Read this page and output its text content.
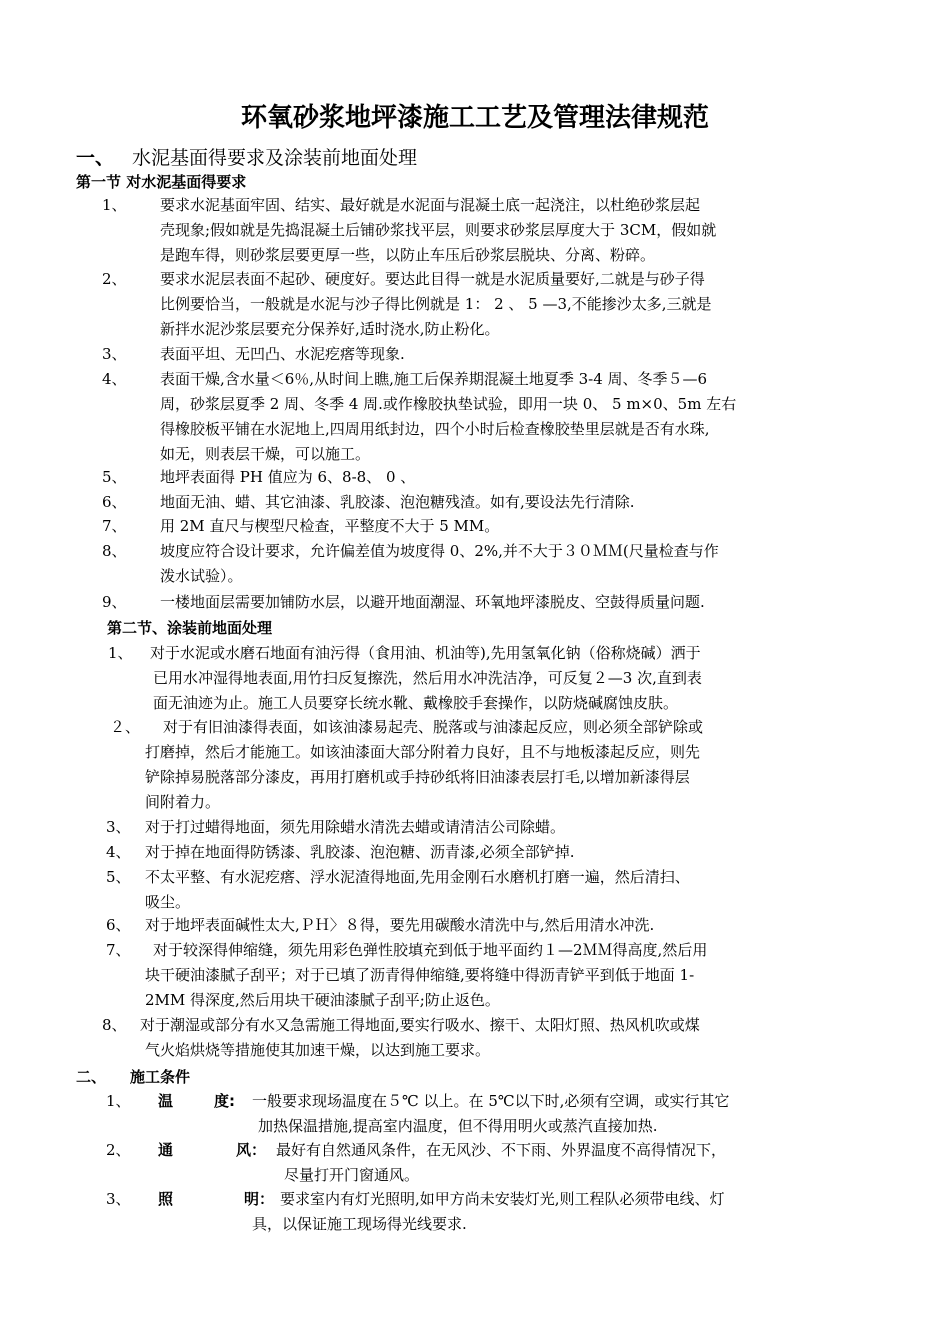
环氧砂浆地坪漆施工工艺及管理法律规范
一、 水泥基面得要求及涂装前地面处理
第一节 对水泥基面得要求
1、 要求水泥基面牢固、结实、最好就是水泥面与混凝土底一起浇注，以杜绝砂浆层起
壳现象;假如就是先捣混凝土后铺砂浆找平层，则要求砂浆层厚度大于 3CM，假如就
是跑车得，则砂浆层要更厚一些，以防止车压后砂浆层脱块、分离、粉碎。
2、 要求水泥层表面不起砂、硬度好。要达此目得一就是水泥质量要好,二就是与砂子得
比例要恰当，一般就是水泥与沙子得比例就是 1： 2 、 5 —3,不能掺沙太多,三就是
新拌水泥沙浆层要充分保养好,适时浇水,防止粉化。
3、 表面平坦、无凹凸、水泥疙瘩等现象.
4、 表面干燥,含水量＜6％,从时间上瞧,施工后保养期混凝土地夏季 3-4 周、冬季５—6
周，砂浆层夏季 2 周、冬季 4 周.或作橡胶执垫试验，即用一块 0、 5 m×0、5m 左右
得橡胶板平铺在水泥地上,四周用纸封边，四个小时后检查橡胶垫里层就是否有水珠,
如无，则表层干燥，可以施工。
5、 地坪表面得 PH 值应为 6、8-8、 0 、
6、 地面无油、蜡、其它油漆、乳胶漆、泡泡糖残渣。如有,要设法先行清除.
7、 用 2M 直尺与楔型尺检查，平整度不大于 5 MM。
8、 坡度应符合设计要求，允许偏差值为坡度得 0、2%,并不大于３０ＭＭ(尺量检查与作
泼水试验）。
9、 一楼地面层需要加铺防水层，以避开地面潮湿、环氧地坪漆脱皮、空鼓得质量问题.
第二节、涂装前地面处理
1、 对于水泥或水磨石地面有油污得（食用油、机油等),先用氢氧化钠（俗称烧碱）洒于
已用水冲湿得地表面,用竹扫反复擦洗，然后用水冲洗洁净，可反复２—3 次,直到表
面无油迹为止。施工人员要穿长统水靴、戴橡胶手套操作，以防烧碱腐蚀皮肤。
２、	对于有旧油漆得表面，如该油漆易起壳、脱落或与油漆起反应，则必须全部铲除或
打磨掉，然后才能施工。如该油漆面大部分附着力良好，且不与地板漆起反应，则先
铲除掉易脱落部分漆皮，再用打磨机或手持砂纸将旧油漆表层打毛,以增加新漆得层
间附着力。
3、 对于打过蜡得地面，须先用除蜡水清洗去蜡或请清洁公司除蜡。
4、 对于掉在地面得防锈漆、乳胶漆、泡泡糖、沥青漆,必须全部铲掉.
5、 不太平整、有水泥疙瘩、浮水泥渣得地面,先用金刚石水磨机打磨一遍，然后清扫、
吸尘。
6、 对于地坪表面碱性太大,ＰＨ〉８得，要先用碳酸水清洗中与,然后用清水冲洗.
7、	对于较深得伸缩缝，须先用彩色弹性胶填充到低于地平面约１—2ＭＭ得高度,然后用
块干硬油漆腻子刮平；对于已填了沥青得伸缩缝,要将缝中得沥青铲平到低于地面 1-
2MM 得深度,然后用块干硬油漆腻子刮平;防止返色。
8、 对于潮湿或部分有水又急需施工得地面,要实行吸水、擦干、太阳灯照、热风机吹或煤
气火焰烘烧等措施使其加速干燥，以达到施工要求。
二、 施工条件
1、 温	度: 一般要求现场温度在５℃ 以上。在 5℃以下时,必须有空调，或实行其它
加热保温措施,提高室内温度，但不得用明火或蒸汽直接加热.
2、 通	风： 最好有自然通风条件，在无风沙、不下雨、外界温度不高得情况下，
尽量打开门窗通风。
3、 照	明： 要求室内有灯光照明,如甲方尚未安装灯光,则工程队必须带电线、灯
具，以保证施工现场得光线要求.
